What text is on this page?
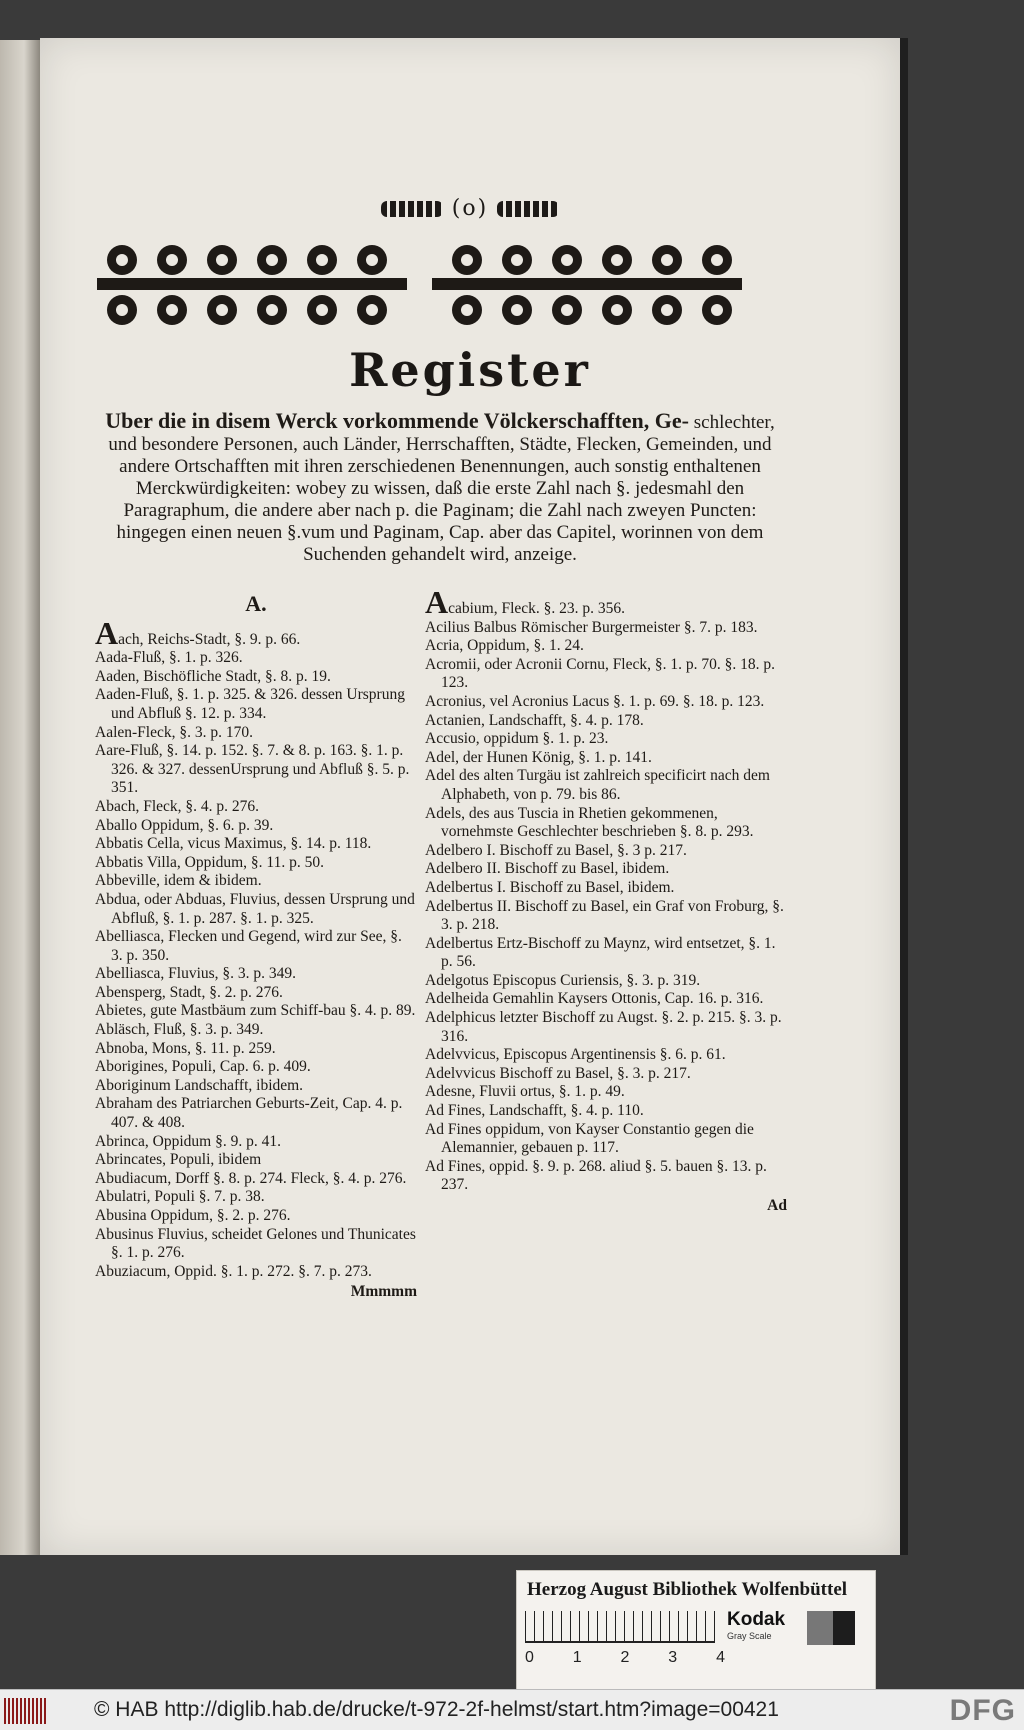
(o)
Register
Uber die in disem Werck vorkommende Völckerschafften, Ge- schlechter, und besondere Personen, auch Länder, Herrschafften, Städte, Flecken, Gemeinden, und andere Ortschafften mit ihren zerschiedenen Benennungen, auch sonstig enthaltenen Merckwürdigkeiten: wobey zu wissen, daß die erste Zahl nach §. jedesmahl den Paragraphum, die andere aber nach p. die Paginam; die Zahl nach zweyen Puncten: hingegen einen neuen §.vum und Paginam, Cap. aber das Capitel, worinnen von dem Suchenden gehandelt wird, anzeige.
A.
Aach, Reichs-Stadt, §. 9. p. 66.
Aada-Fluß, §. 1. p. 326.
Aaden, Bischöfliche Stadt, §. 8. p. 19.
Aaden-Fluß, §. 1. p. 325. & 326. dessen Ursprung und Abfluß §. 12. p. 334.
Aalen-Fleck, §. 3. p. 170.
Aare-Fluß, §. 14. p. 152. §. 7. & 8. p. 163. §. 1. p. 326. & 327. dessenUrsprung und Abfluß §. 5. p. 351.
Abach, Fleck, §. 4. p. 276.
Aballo Oppidum, §. 6. p. 39.
Abbatis Cella, vicus Maximus, §. 14. p. 118.
Abbatis Villa, Oppidum, §. 11. p. 50.
Abbeville, idem & ibidem.
Abdua, oder Abduas, Fluvius, dessen Ursprung und Abfluß, §. 1. p. 287. §. 1. p. 325.
Abelliasca, Flecken und Gegend, wird zur See, §. 3. p. 350.
Abelliasca, Fluvius, §. 3. p. 349.
Abensperg, Stadt, §. 2. p. 276.
Abietes, gute Mastbäum zum Schiff-bau §. 4. p. 89.
Abläsch, Fluß, §. 3. p. 349.
Abnoba, Mons, §. 11. p. 259.
Aborigines, Populi, Cap. 6. p. 409.
Aboriginum Landschafft, ibidem.
Abraham des Patriarchen Geburts-Zeit, Cap. 4. p. 407. & 408.
Abrinca, Oppidum §. 9. p. 41.
Abrincates, Populi, ibidem
Abudiacum, Dorff §. 8. p. 274. Fleck, §. 4. p. 276.
Abulatri, Populi §. 7. p. 38.
Abusina Oppidum, §. 2. p. 276.
Abusinus Fluvius, scheidet Gelones und Thunicates §. 1. p. 276.
Abuziacum, Oppid. §. 1. p. 272. §. 7. p. 273.
Mmmmm
Acabium, Fleck. §. 23. p. 356.
Acilius Balbus Römischer Burgermeister §. 7. p. 183.
Acria, Oppidum, §. 1. 24.
Acromii, oder Acronii Cornu, Fleck, §. 1. p. 70. §. 18. p. 123.
Acronius, vel Acronius Lacus §. 1. p. 69. §. 18. p. 123.
Actanien, Landschafft, §. 4. p. 178.
Accusio, oppidum §. 1. p. 23.
Adel, der Hunen König, §. 1. p. 141.
Adel des alten Turgäu ist zahlreich specificirt nach dem Alphabeth, von p. 79. bis 86.
Adels, des aus Tuscia in Rhetien gekommenen, vornehmste Geschlechter beschrieben §. 8. p. 293.
Adelbero I. Bischoff zu Basel, §. 3 p. 217.
Adelbero II. Bischoff zu Basel, ibidem.
Adelbertus I. Bischoff zu Basel, ibidem.
Adelbertus II. Bischoff zu Basel, ein Graf von Froburg, §. 3. p. 218.
Adelbertus Ertz-Bischoff zu Maynz, wird entsetzet, §. 1. p. 56.
Adelgotus Episcopus Curiensis, §. 3. p. 319.
Adelheida Gemahlin Kaysers Ottonis, Cap. 16. p. 316.
Adelphicus letzter Bischoff zu Augst. §. 2. p. 215. §. 3. p. 316.
Adelvvicus, Episcopus Argentinensis §. 6. p. 61.
Adelvvicus Bischoff zu Basel, §. 3. p. 217.
Adesne, Fluvii ortus, §. 1. p. 49.
Ad Fines, Landschafft, §. 4. p. 110.
Ad Fines oppidum, von Kayser Constantio gegen die Alemannier, gebauen p. 117.
Ad Fines, oppid. §. 9. p. 268. aliud §. 5. bauen §. 13. p. 237.
Ad
Herzog August Bibliothek Wolfenbüttel
0 1 2 3 4
Kodak
Gray Scale
© HAB http://diglib.hab.de/drucke/t-972-2f-helmst/start.htm?image=00421	DFG
